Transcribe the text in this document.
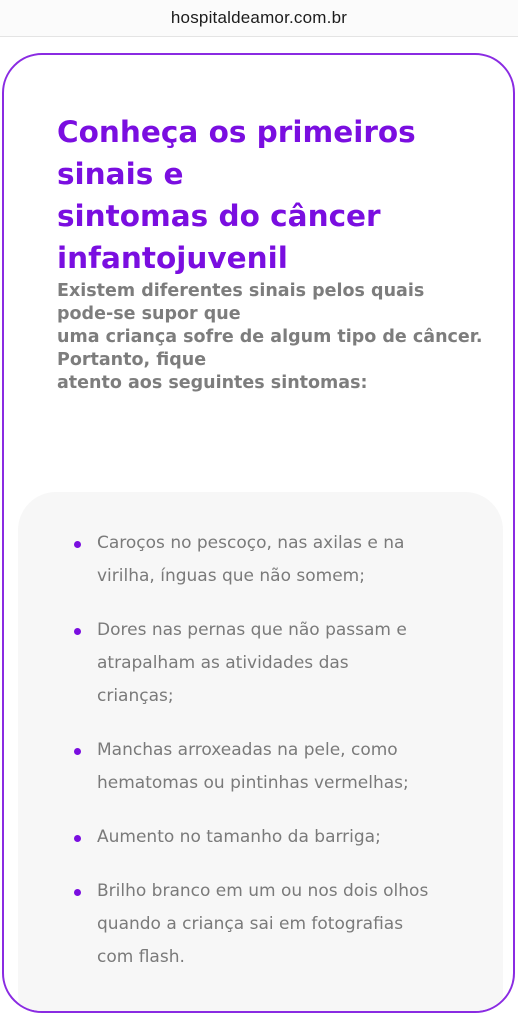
hospitaldeamor.com.br
Conheça os primeiros
sinais e
sintomas do câncer
infantojuvenil

Existem diferentes sinais pelos quais
pode-se supor que
uma criança sofre de algum tipo de câncer.
Portanto, fique
atento aos seguintes sintomas:

Caroços no pescoço, nas axilas e na
virilha, ínguas que não somem;
Dores nas pernas que não passam e
atrapalham as atividades das
crianças;
Manchas arroxeadas na pele, como
hematomas ou pintinhas vermelhas;
Aumento no tamanho da barriga;
Brilho branco em um ou nos dois olhos
quando a criança sai em fotografias
com flash.
